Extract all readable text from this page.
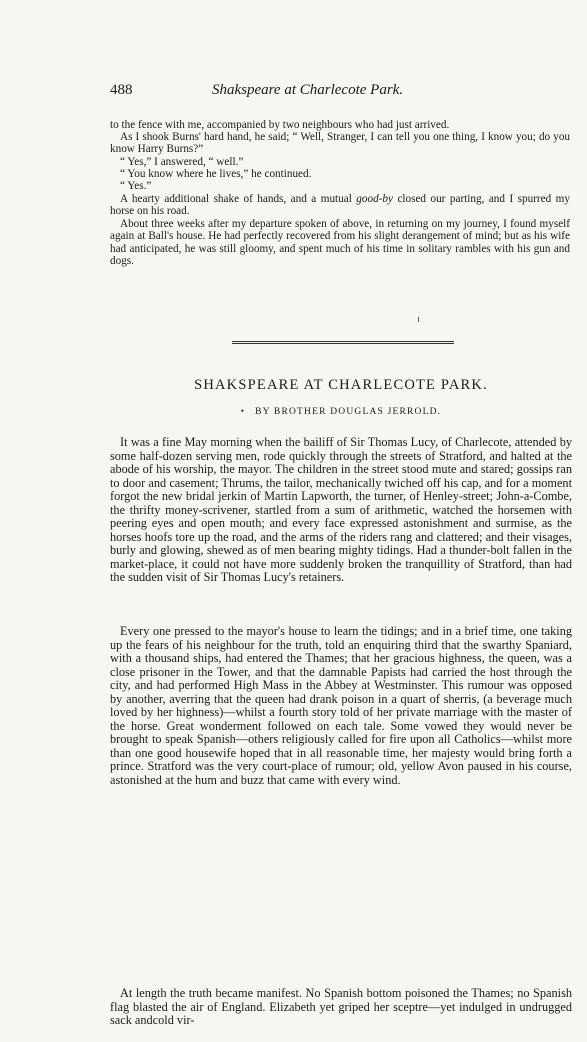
488	Shakspeare at Charlecote Park.

to the fence with me, accompanied by two neighbours who had just arrived.

As I shook Burns' hard hand, he said; “ Well, Stranger, I can tell you one thing, I know you; do you know Harry Burns?”

“ Yes,” I answered, “ well.”

“ You know where he lives,” he continued.

“ Yes.”

A hearty additional shake of hands, and a mutual good-by closed our parting, and I spurred my horse on his road.

About three weeks after my departure spoken of above, in returning on my journey, I found myself again at Ball's house. He had perfectly recovered from his slight derangement of mind; but as his wife had anticipated, he was still gloomy, and spent much of his time in solitary rambles with his gun and dogs.

SHAKSPEARE AT CHARLECOTE PARK.
• BY BROTHER DOUGLAS JERROLD.

It was a fine May morning when the bailiff of Sir Thomas Lucy, of Charlecote, attended by some half-dozen serving men, rode quickly through the streets of Stratford, and halted at the abode of his worship, the mayor. The children in the street stood mute and stared; gossips ran to door and casement; Thrums, the tailor, mechanically twiched off his cap, and for a moment forgot the new bridal jerkin of Martin Lapworth, the turner, of Henley-street; John-a-Combe, the thrifty money-scrivener, startled from a sum of arithmetic, watched the horsemen with peering eyes and open mouth; and every face expressed astonishment and surmise, as the horses hoofs tore up the road, and the arms of the riders rang and clattered; and their visages, burly and glowing, shewed as of men bearing mighty tidings. Had a thunder-bolt fallen in the market-place, it could not have more suddenly broken the tranquillity of Stratford, than had the sudden visit of Sir Thomas Lucy's retainers.

Every one pressed to the mayor's house to learn the tidings; and in a brief time, one taking up the fears of his neighbour for the truth, told an enquiring third that the swarthy Spaniard, with a thousand ships, had entered the Thames; that her gracious highness, the queen, was a close prisoner in the Tower, and that the damnable Papists had carried the host through the city, and had performed High Mass in the Abbey at Westminster. This rumour was opposed by another, averring that the queen had drank poison in a quart of sherris, (a beverage much loved by her highness)—whilst a fourth story told of her private marriage with the master of the horse. Great wonderment followed on each tale. Some vowed they would never be brought to speak Spanish—others religiously called for fire upon all Catholics—whilst more than one good housewife hoped that in all reasonable time, her majesty would bring forth a prince. Stratford was the very court-place of rumour; old, yellow Avon paused in his course, astonished at the hum and buzz that came with every wind.

At length the truth became manifest. No Spanish bottom poisoned the Thames; no Spanish flag blasted the air of England. Elizabeth yet griped her sceptre—yet indulged in undrugged sack andcold vir-
